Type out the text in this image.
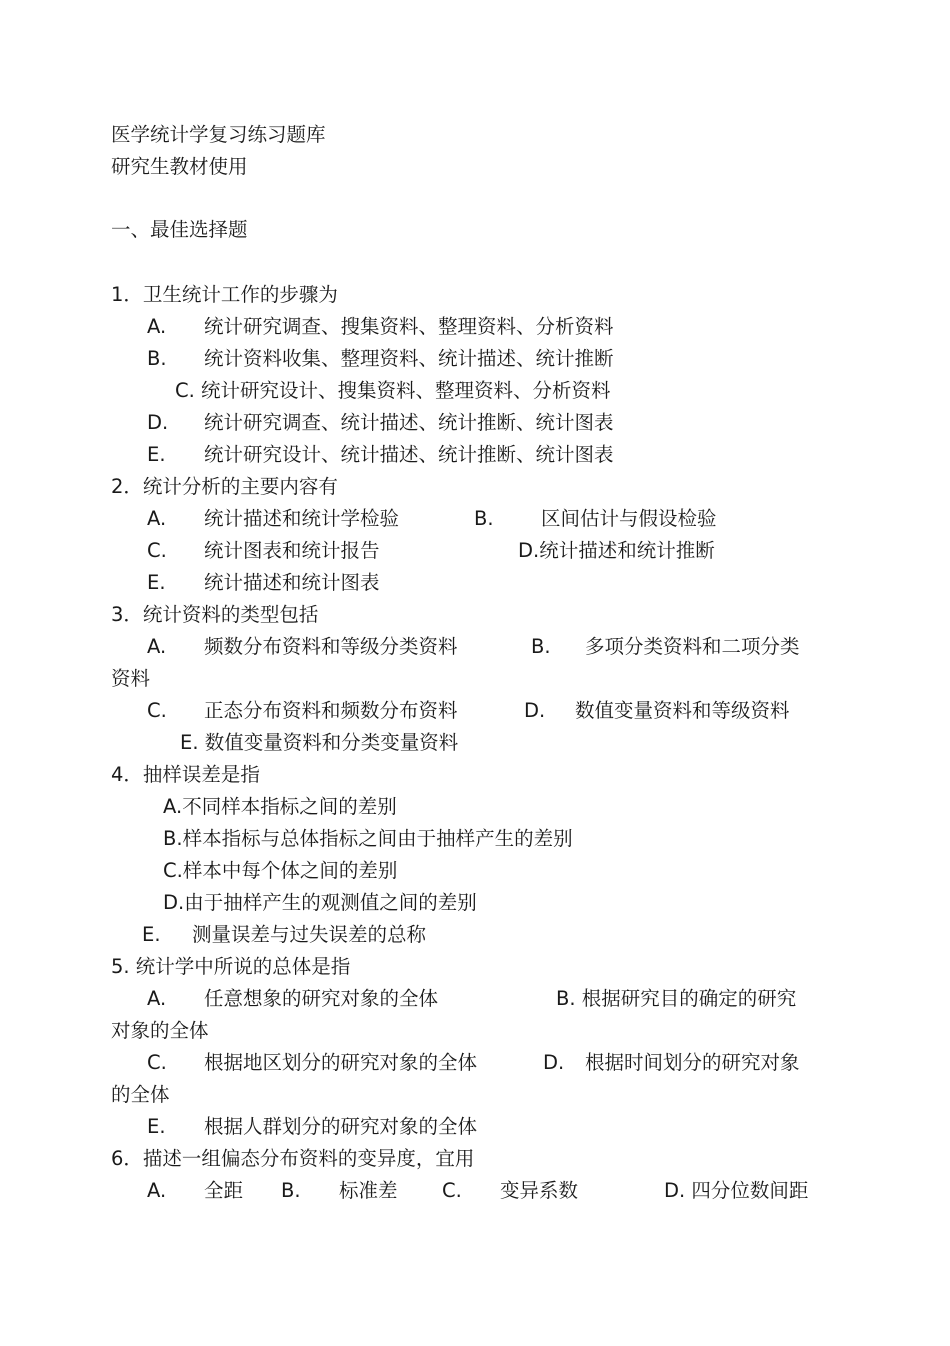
医学统计学复习练习题库
研究生教材使用
一、最佳选择题
1．卫生统计工作的步骤为
A. 统计研究调查、搜集资料、整理资料、分析资料
B. 统计资料收集、整理资料、统计描述、统计推断
C. 统计研究设计、搜集资料、整理资料、分析资料
D. 统计研究调查、统计描述、统计推断、统计图表
E. 统计研究设计、统计描述、统计推断、统计图表
2．统计分析的主要内容有
A. 统计描述和统计学检验	B. 区间估计与假设检验
C. 统计图表和统计报告	D.统计描述和统计推断
E. 统计描述和统计图表
3．统计资料的类型包括
A. 频数分布资料和等级分类资料	B. 多项分类资料和二项分类
资料
C. 正态分布资料和频数分布资料	D. 数值变量资料和等级资料
E. 数值变量资料和分类变量资料
4．抽样误差是指
A.不同样本指标之间的差别
B.样本指标与总体指标之间由于抽样产生的差别
C.样本中每个体之间的差别
D.由于抽样产生的观测值之间的差别
E. 测量误差与过失误差的总称
5. 统计学中所说的总体是指
A. 任意想象的研究对象的全体	B. 根据研究目的确定的研究
对象的全体
C. 根据地区划分的研究对象的全体	D. 根据时间划分的研究对象
的全体
E. 根据人群划分的研究对象的全体
6．描述一组偏态分布资料的变异度，宜用
A. 全距 B. 标准差 C. 变异系数	D. 四分位数间距
